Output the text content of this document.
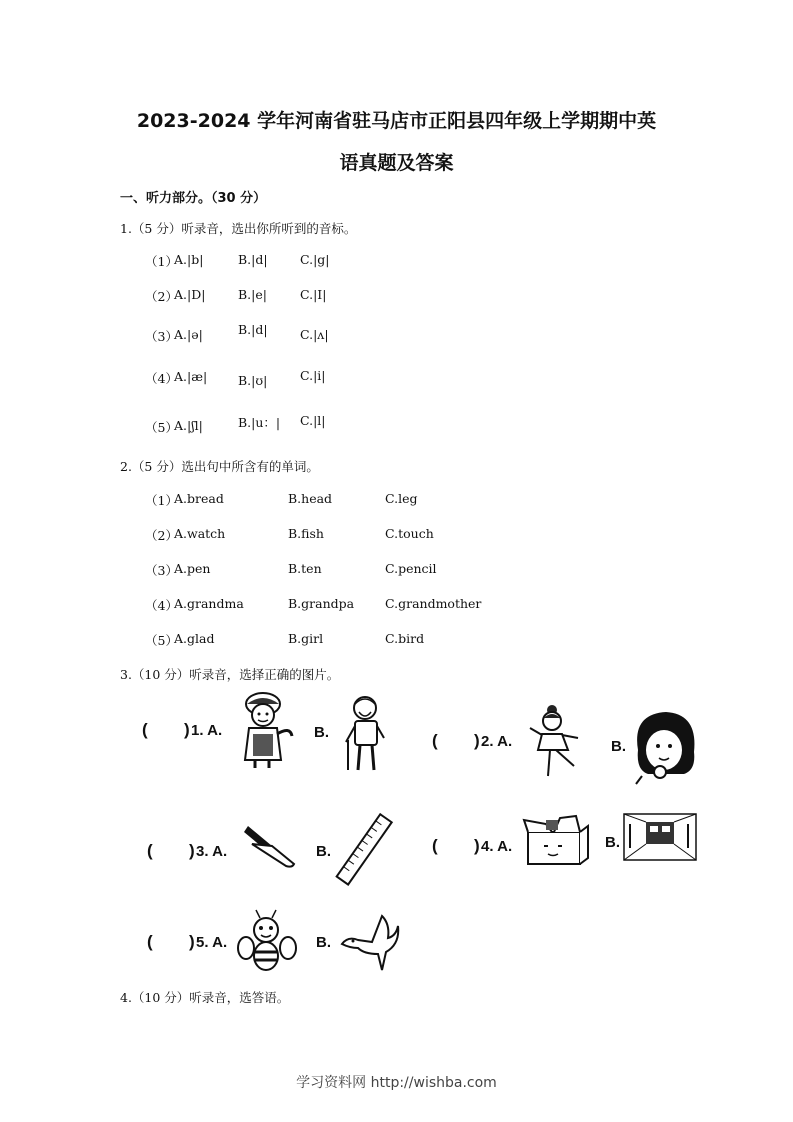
2023-2024 学年河南省驻马店市正阳县四年级上学期期中英
语真题及答案
一、听力部分。（30 分）
1.（5 分）听录音，选出你所听到的音标。
（1）
A.|b|	B.|d|	C.|g|
（2）
A.|D|	B.|e|	C.|I|
（3）
A.|ə|	B.|d|	C.|ʌ|
（4）
A.|æ| B.|ʊ|	C.|i|
（5）
A.|ʃl|	B.|u：| C.|l|
2.（5 分）选出句中所含有的单词。
（1）
A.bread	B.head	C.leg
（2）
A.watch	B.fish	C.touch
（3）
A.pen	B.ten	C.pencil
（4）
A.grandma	B.grandpa C.grandmother
（5）
A.glad	B.girl	C.bird
3.（10 分）听录音，选择正确的图片。
( ) 1. A.	B.	( ) 2. A.	B.
( ) 3. A.	B.	( ) 4. A.	B.
( ) 5. A.	B.
4.（10 分）听录音，选答语。
学习资料网 http://wishba.com
